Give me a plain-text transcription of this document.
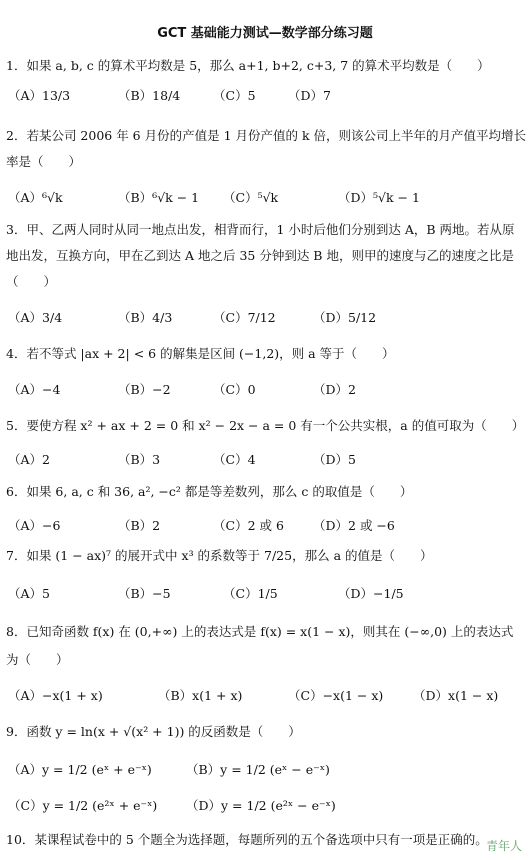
GCT 基础能力测试—数学部分练习题
1．如果 a, b, c 的算术平均数是 5，那么 a+1, b+2, c+3, 7 的算术平均数是（　　）
（A）13/3	（B）18/4	（C）5	（D）7
2．若某公司 2006 年 6 月份的产值是 1 月份产值的 k 倍，则该公司上半年的月产值平均增长
率是（　　）
（A）⁶√k	（B）⁶√k − 1 （C）⁵√k	（D）⁵√k − 1
3．甲、乙两人同时从同一地点出发，相背而行，1 小时后他们分别到达 A，B 两地。若从原
地出发，互换方向，甲在乙到达 A 地之后 35 分钟到达 B 地，则甲的速度与乙的速度之比是
（　　）
（A）3/4	（B）4/3	（C）7/12	（D）5/12
4．若不等式 |ax + 2| < 6 的解集是区间 (−1,2)，则 a 等于（　　）
（A）−4	（B）−2	（C）0	（D）2
5．要使方程 x² + ax + 2 = 0 和 x² − 2x − a = 0 有一个公共实根，a 的值可取为（　　）
（A）2	（B）3	（C）4	（D）5
6．如果 6, a, c 和 36, a², −c² 都是等差数列，那么 c 的取值是（　　）
（A）−6	（B）2	（C）2 或 6 （D）2 或 −6
7．如果 (1 − ax)⁷ 的展开式中 x³ 的系数等于 7/25，那么 a 的值是（　　）
（A）5	（B）−5	（C）1/5	（D）−1/5
8．已知奇函数 f(x) 在 (0,+∞) 上的表达式是 f(x) = x(1 − x)，则其在 (−∞,0) 上的表达式
为（　　）
（A）−x(1 + x)	（B）x(1 + x)	（C）−x(1 − x) （D）x(1 − x)
9．函数 y = ln(x + √(x² + 1)) 的反函数是（　　）
（A）y = 1/2 (eˣ + e⁻ˣ)	（B）y = 1/2 (eˣ − e⁻ˣ)
（C）y = 1/2 (e²ˣ + e⁻ˣ) （D）y = 1/2 (e²ˣ − e⁻ˣ)
10．某课程试卷中的 5 个题全为选择题，每题所列的五个备选项中只有一项是正确的。
青年人
